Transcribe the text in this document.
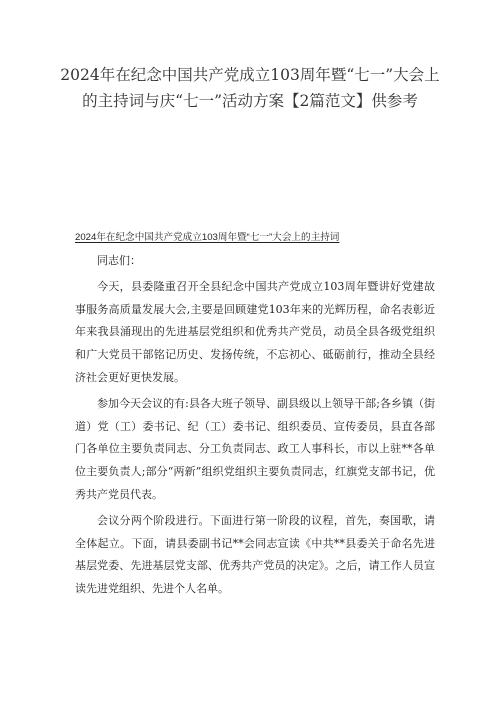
2024年在纪念中国共产党成立103周年暨“七一”大会上的主持词与庆“七一”活动方案【2篇范文】供参考
2024年在纪念中国共产党成立103周年暨“七一”大会上的主持词

同志们：

今天，县委隆重召开全县纪念中国共产党成立103周年暨讲好党建故事服务高质量发展大会,主要是回顾建党103年来的光辉历程，命名表彰近年来我县涌现出的先进基层党组织和优秀共产党员，动员全县各级党组织和广大党员干部铭记历史、发扬传统，不忘初心、砥砺前行，推动全县经济社会更好更快发展。

参加今天会议的有:县各大班子领导、副县级以上领导干部;各乡镇（街道）党（工）委书记、纪（工）委书记、组织委员、宣传委员，县直各部门各单位主要负责同志、分工负责同志、政工人事科长，市以上驻**各单位主要负责人;部分“两新”组织党组织主要负责同志，红旗党支部书记，优秀共产党员代表。

会议分两个阶段进行。下面进行第一阶段的议程，首先，奏国歌，请全体起立。下面，请县委副书记**会同志宣读《中共**县委关于命名先进基层党委、先进基层党支部、优秀共产党员的决定》。之后，请工作人员宣读先进党组织、先进个人名单。
